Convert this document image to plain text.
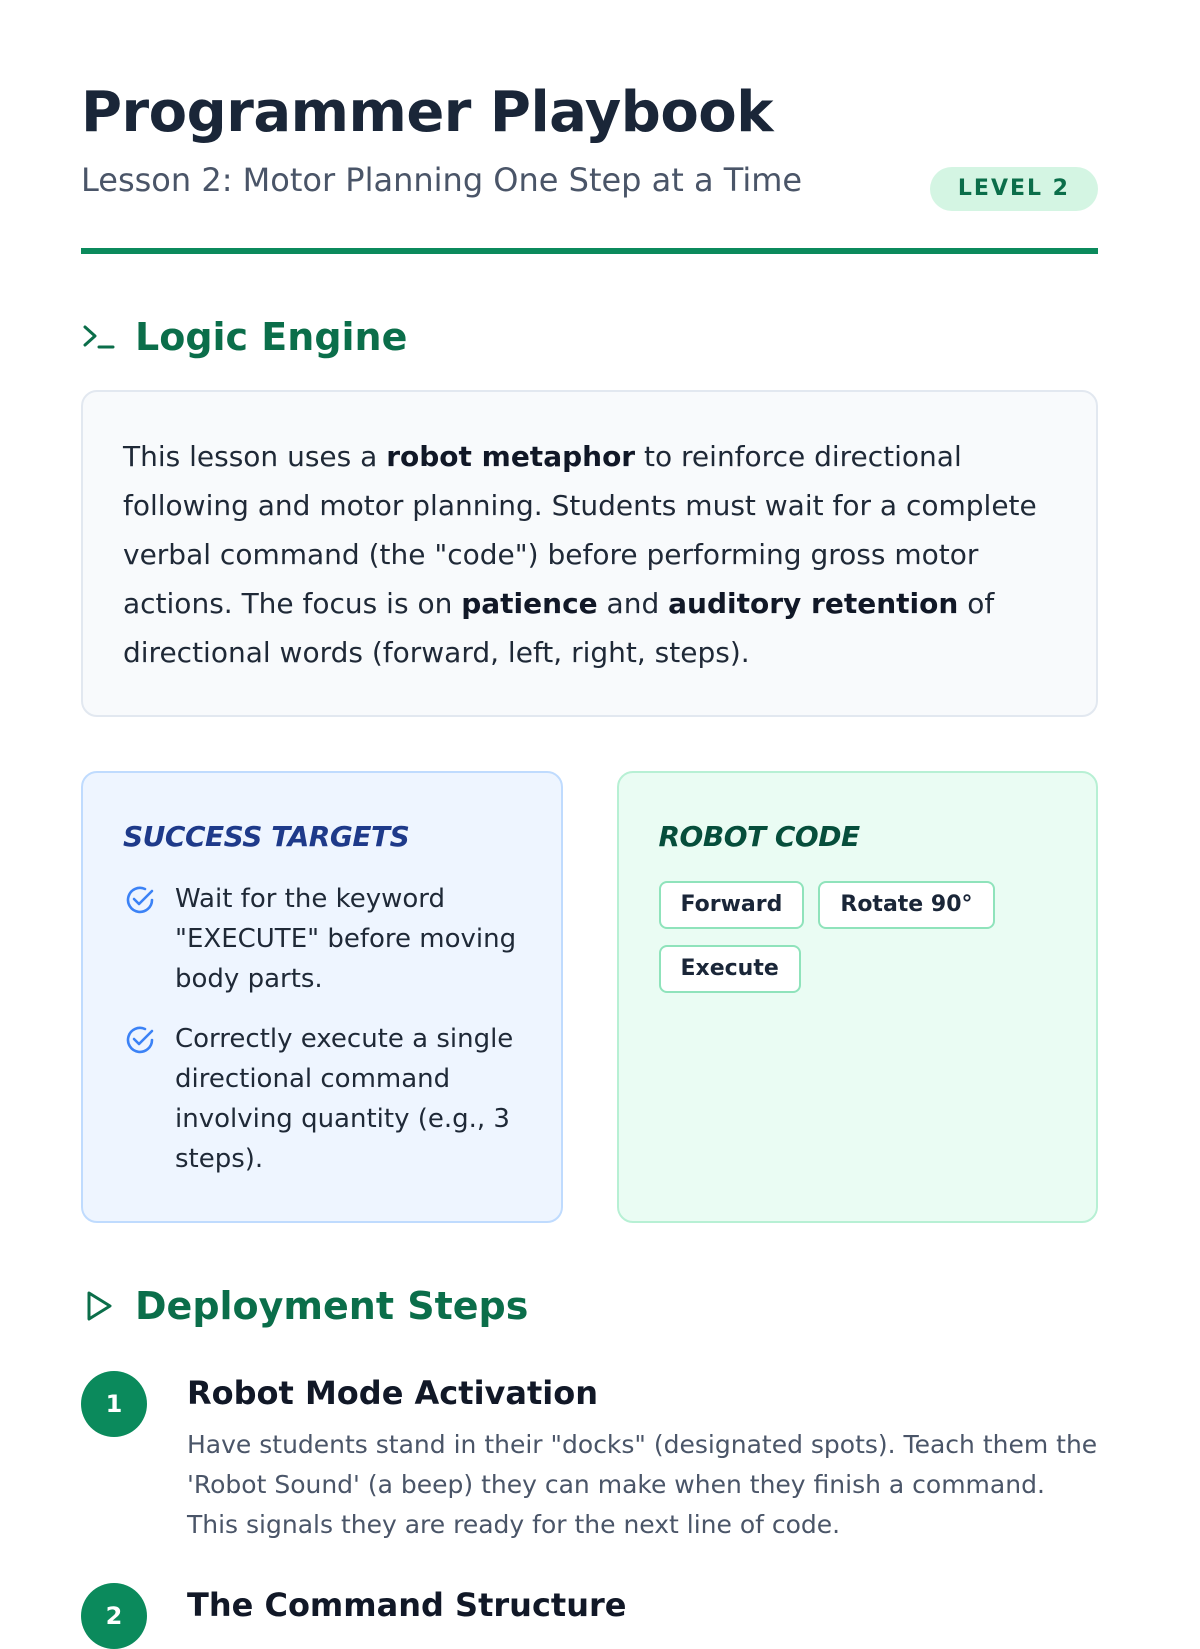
Programmer Playbook
Lesson 2: Motor Planning One Step at a Time	LEVEL 2
Logic Engine

This lesson uses a robot metaphor to reinforce directional following and motor planning. Students must wait for a complete verbal command (the "code") before performing gross motor actions. The focus is on patience and auditory retention of directional words (forward, left, right, steps).

SUCCESS TARGETS
Wait for the keyword "EXECUTE" before moving body parts.
Correctly execute a single directional command involving quantity (e.g., 3 steps).
ROBOT CODE
Forward	Rotate 90°
Execute
Deployment Steps
1	Robot Mode Activation
Have students stand in their "docks" (designated spots). Teach them the 'Robot Sound' (a beep) they can make when they finish a command. This signals they are ready for the next line of code.
2	The Command Structure
